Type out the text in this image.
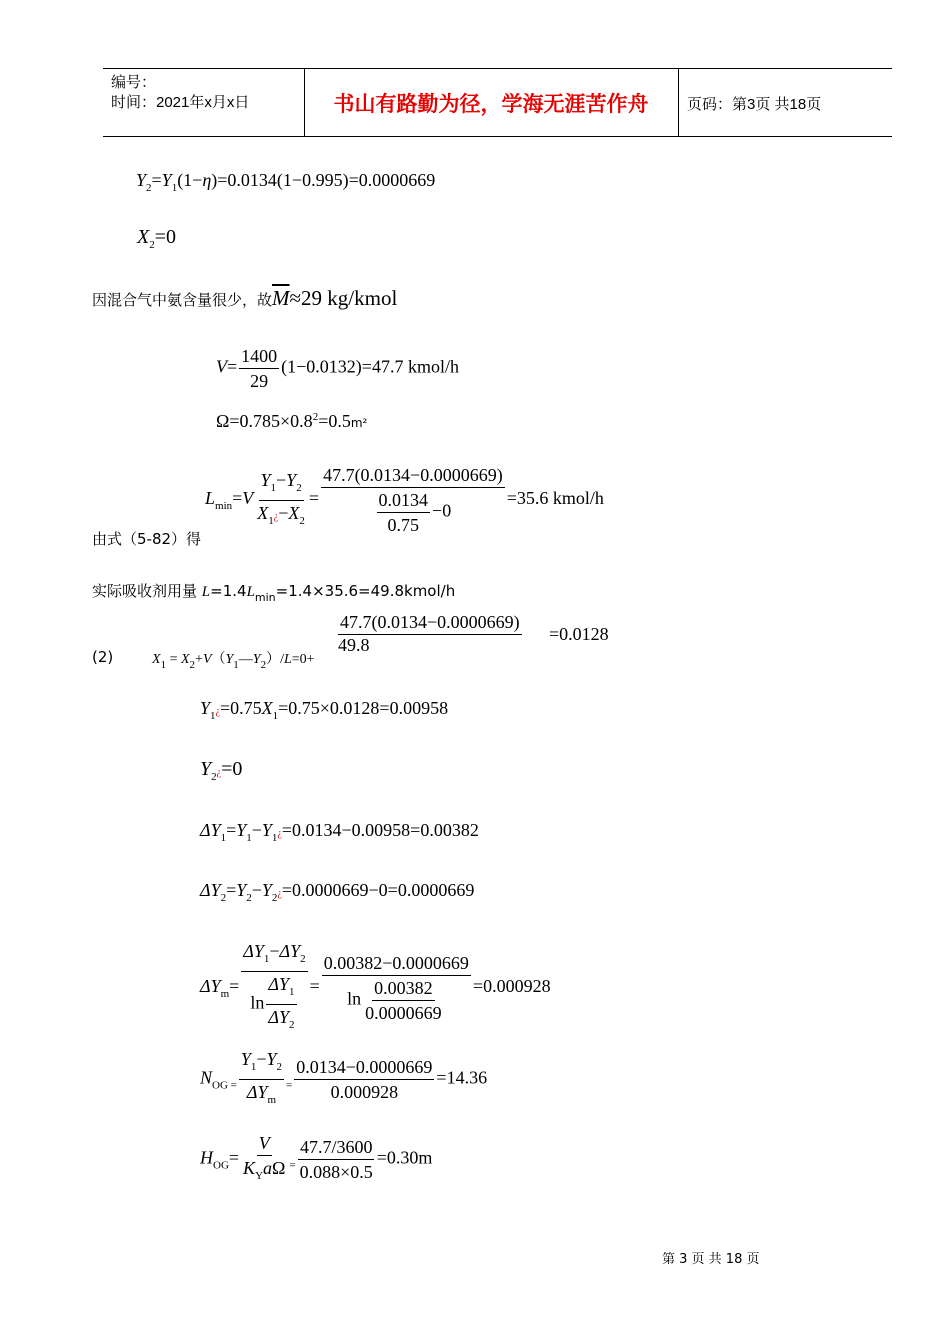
编号：
时间：2021年x月x日	书山有路勤为径，学海无涯苦作舟	页码：第3页 共18页
$Y_2=Y_1(1-\eta)=0.0134(1-0.995)=0.0000669$
$X_2=0$
因混合气中氨含量很少，故$\overline{M}\approx 29$ kg/kmol
$V= \frac{1400}{29} (1-0.0132)=47.7$ kmol/h
$\Omega=0.785\times 0.8^2=0.5m^2$
$L_{min}=V \frac{Y_1-Y_2}{X_1¿-X_2} = \frac{47.7(0.0134-0.0000669)}{\frac{0.0134}{0.75} -0} =35.6$ kmol/h
由式（5-82）得
实际吸收剂用量 $L=1.4L_{min}=1.4\times 35.6=49.8kmol/h$
(2)	$X_1$ = $X_2+V(Y_1—Y_2)/L=0+$
47.7(0.0134−0.0000669)
49.8
=0.0128
$Y_1¿=0.75X_1=0.75\times 0.0128=0.00958$
$Y_2¿=0$
$\Delta Y_1=Y_1-Y_1¿=0.0134-0.00958=0.00382$
$\Delta Y_2=Y_2-Y_2¿=0.0000669-0=0.0000669$
$\Delta Y_m= \frac{\Delta Y_1-\Delta Y_2}{\ln \frac{\Delta Y_1}{\Delta Y_2}} = \frac{0.00382-0.0000669}{\ln \frac{0.00382}{0.0000669}} =0.000928$
$N_{OG =} \frac{Y_1-Y_2}{\Delta Y_m} _= \frac{0.0134-0.0000669}{0.000928} =14.36$
$H_{OG}= \frac{V}{K_Ya\Omega} _= \frac{47.7/3600}{0.088\times 0.5} =0.30m$
第 3 页 共 18 页
